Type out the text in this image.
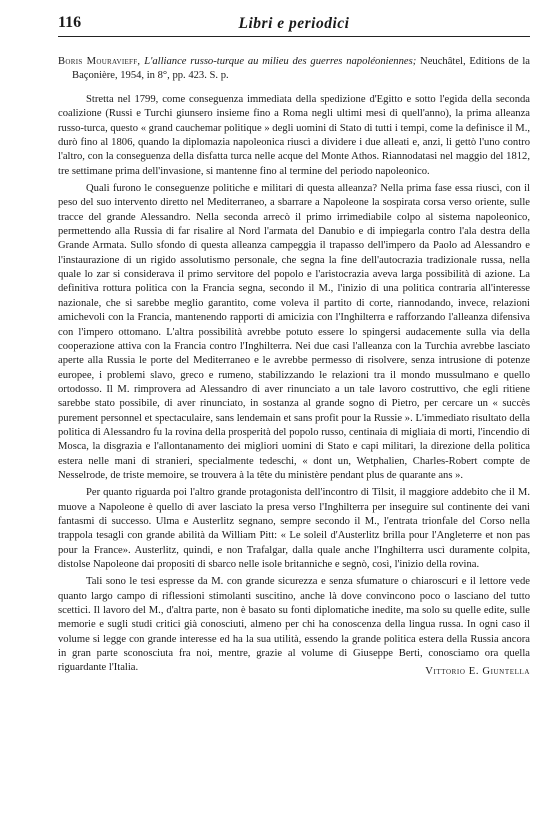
116	Libri e periodici
Boris Mouravieff, L'alliance russo-turque au milieu des guerres napoléoniennes; Neuchâtel, Editions de la Baçonière, 1954, in 8°, pp. 423. S. p.

Stretta nel 1799, come conseguenza immediata della spedizione d'Egitto e sotto l'egida della seconda coalizione (Russi e Turchi giunsero insieme fino a Roma negli ultimi mesi di quell'anno), la prima alleanza russo-turca, questo « grand cauchemar politique » degli uomini di Stato di tutti i tempi, come la definisce il M., durò fino al 1806, quando la diplomazia napoleonica riuscì a dividere i due alleati e, anzi, li gettò l'uno contro l'altro, con la conseguenza della disfatta turca nelle acque del Monte Athos. Riannodatasi nel maggio del 1812, tre settimane prima dell'invasione, si mantenne fino al termine del periodo napoleonico.

Quali furono le conseguenze politiche e militari di questa alleanza? Nella prima fase essa riuscì, con il peso del suo intervento diretto nel Mediterraneo, a sbarrare a Napoleone la sospirata corsa verso oriente, sulle tracce del grande Alessandro. Nella seconda arrecò il primo irrimediabile colpo al sistema napoleonico, permettendo alla Russia di far risalire al Nord l'armata del Danubio e di impiegarla contro l'ala destra della Grande Armata. Sullo sfondo di questa alleanza campeggia il trapasso dell'impero da Paolo ad Alessandro e l'instaurazione di un rigido assolutismo personale, che segna la fine dell'autocrazia tradizionale russa, nella quale lo zar si considerava il primo servitore del popolo e l'aristocrazia aveva larga possibilità di azione. La definitiva rottura politica con la Francia segna, secondo il M., l'inizio di una politica contraria all'interesse nazionale, che si sarebbe meglio garantito, come voleva il partito di corte, riannodando, invece, relazioni amichevoli con la Francia, mantenendo rapporti di amicizia con l'Inghilterra e rafforzando l'alleanza difensiva con l'impero ottomano. L'altra possibilità avrebbe potuto essere lo spingersi audacemente sulla via della cooperazione attiva con la Francia contro l'Inghilterra. Nei due casi l'alleanza con la Turchia avrebbe lasciato aperte alla Russia le porte del Mediterraneo e le avrebbe permesso di risolvere, senza intrusione di potenze europee, i problemi slavo, greco e rumeno, stabilizzando le relazioni tra il mondo mussulmano e quello ortodosso. Il M. rimprovera ad Alessandro di aver rinunciato a un tale lavoro costruttivo, che egli ritiene sarebbe stato possibile, di aver rinunciato, in sostanza al grande sogno di Pietro, per cercare un « succès purement personnel et spectaculaire, sans lendemain et sans profit pour la Russie ». L'immediato risultato della politica di Alessandro fu la rovina della prosperità del popolo russo, centinaia di migliaia di morti, l'incendio di Mosca, la disgrazia e l'allontanamento dei migliori uomini di Stato e capi militari, la direzione della politica estera nelle mani di stranieri, specialmente tedeschi, « dont un, Wetphalien, Charles-Robert compte de Nesselrode, de triste memoire, se trouvera à la tête du ministère pendant plus de quarante ans ».

Per quanto riguarda poi l'altro grande protagonista dell'incontro di Tilsit, il maggiore addebito che il M. muove a Napoleone è quello di aver lasciato la presa verso l'Inghilterra per inseguire sul continente dei vani fantasmi di successo. Ulma e Austerlitz segnano, sempre secondo il M., l'entrata trionfale del Corso nella trappola tesagli con grande abilità da William Pitt: « Le soleil d'Austerlitz brilla pour l'Angleterre et non pas pour la France». Austerlitz, quindi, e non Trafalgar, dalla quale anche l'Inghilterra uscì duramente colpita, distolse Napoleone dai propositi di sbarco nelle isole britanniche e segnò, così, l'inizio della rovina.

Tali sono le tesi espresse da M. con grande sicurezza e senza sfumature o chiaroscuri e il lettore vede quanto largo campo di riflessioni stimolanti suscitino, anche là dove convincono poco o lasciano del tutto scettici. Il lavoro del M., d'altra parte, non è basato su fonti diplomatiche inedite, ma solo su quelle edite, sulle memorie e sugli studi critici già conosciuti, almeno per chi ha conoscenza della lingua russa. In ogni caso il volume si legge con grande interesse ed ha la sua utilità, essendo la grande politica estera della Russia ancora in gran parte sconosciuta fra noi, mentre, grazie al volume di Giuseppe Berti, conosciamo ora quella riguardante l'Italia.	Vittorio E. Giuntella
